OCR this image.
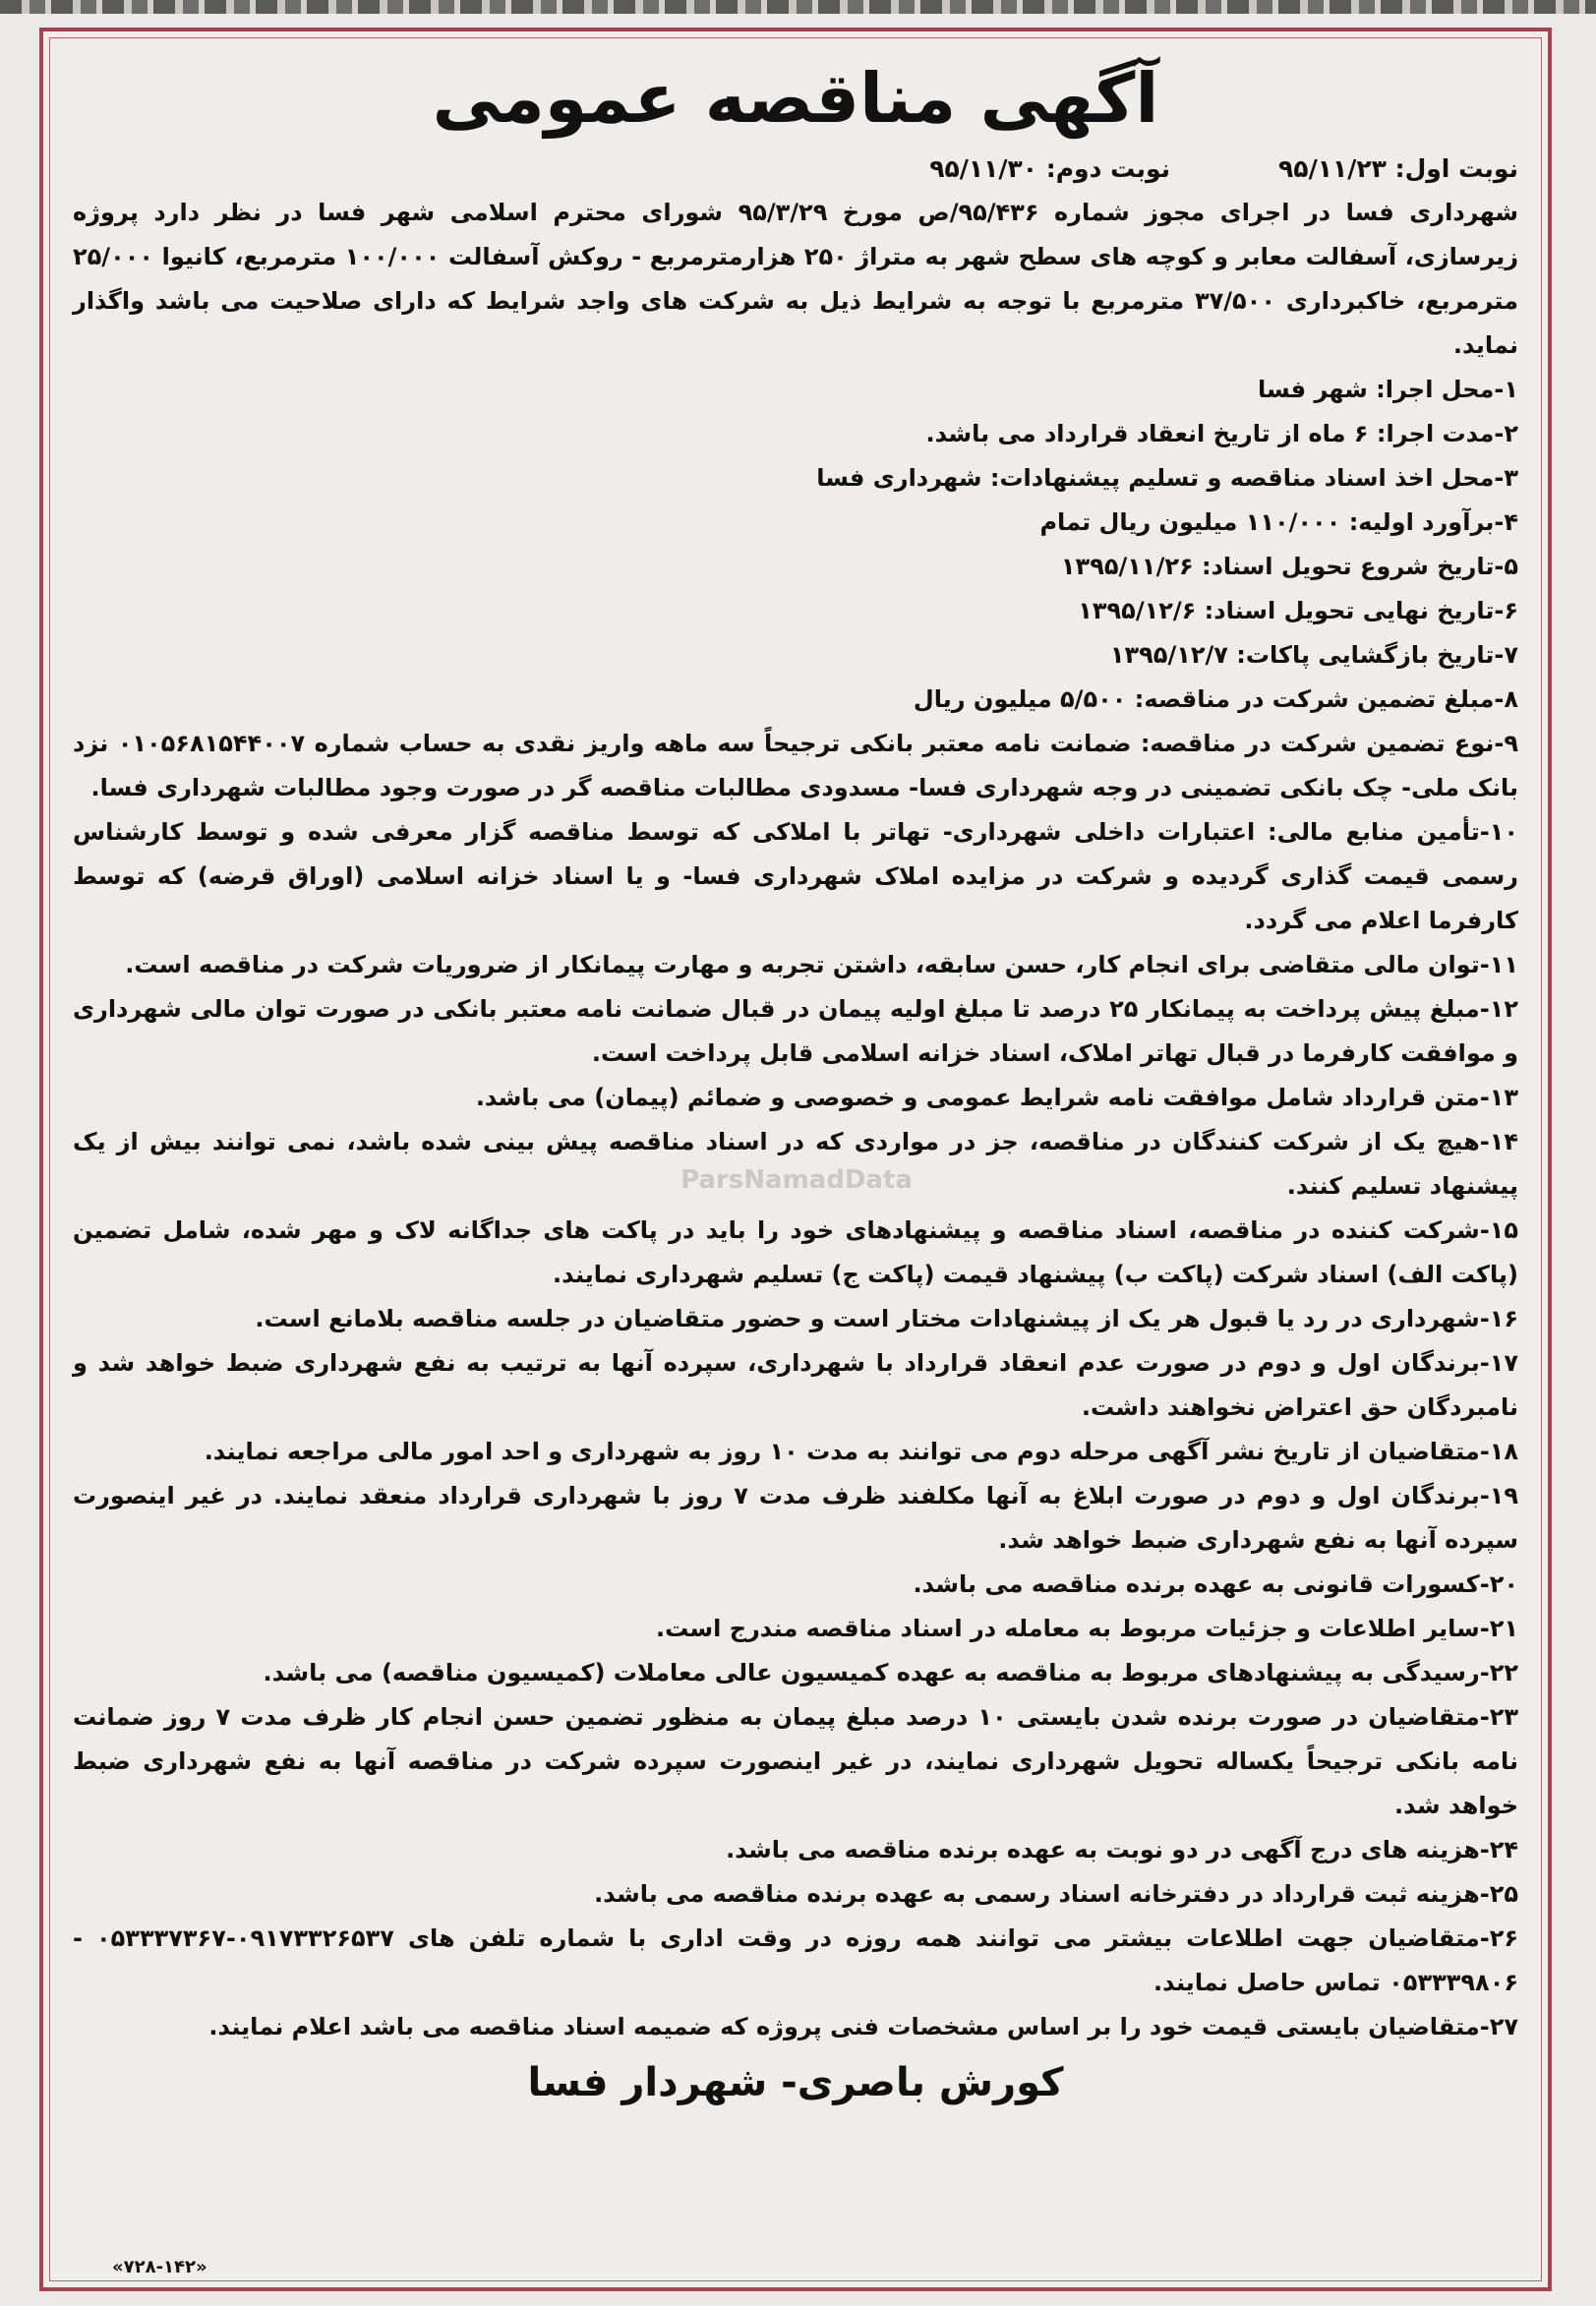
آگهی مناقصه عمومی
نوبت اول: ۹۵/۱۱/۲۳
نوبت دوم: ۹۵/۱۱/۳۰

شهرداری فسا در اجرای مجوز شماره ۹۵/۴۳۶/ص مورخ ۹۵/۳/۲۹ شورای محترم اسلامی شهر فسا در نظر دارد پروژه زیرسازی، آسفالت معابر و کوچه های سطح شهر به متراژ ۲۵۰ هزارمترمربع - روکش آسفالت ۱۰۰/۰۰۰ مترمربع، کانیوا ۲۵/۰۰۰ مترمربع، خاکبرداری ۳۷/۵۰۰ مترمربع با توجه به شرایط ذیل به شرکت های واجد شرایط که دارای صلاحیت می باشد واگذار نماید.

۱-محل اجرا: شهر فسا
۲-مدت اجرا: ۶ ماه از تاریخ انعقاد قرارداد می باشد.
۳-محل اخذ اسناد مناقصه و تسلیم پیشنهادات: شهرداری فسا
۴-برآورد اولیه: ۱۱۰/۰۰۰ میلیون ریال تمام
۵-تاریخ شروع تحویل اسناد: ۱۳۹۵/۱۱/۲۶
۶-تاریخ نهایی تحویل اسناد: ۱۳۹۵/۱۲/۶
۷-تاریخ بازگشایی پاکات: ۱۳۹۵/۱۲/۷
۸-مبلغ تضمین شرکت در مناقصه: ۵/۵۰۰ میلیون ریال
۹-نوع تضمین شرکت در مناقصه: ضمانت نامه معتبر بانکی ترجیحاً سه ماهه واریز نقدی به حساب شماره ۰۱۰۵۶۸۱۵۴۴۰۰۷ نزد بانک ملی- چک بانکی تضمینی در وجه شهرداری فسا- مسدودی مطالبات مناقصه گر در صورت وجود مطالبات شهرداری فسا.
۱۰-تأمین منابع مالی: اعتبارات داخلی شهرداری- تهاتر با املاکی که توسط مناقصه گزار معرفی شده و توسط کارشناس رسمی قیمت گذاری گردیده و شرکت در مزایده املاک شهرداری فسا- و یا اسناد خزانه اسلامی (اوراق قرضه) که توسط کارفرما اعلام می گردد.
۱۱-توان مالی متقاضی برای انجام کار، حسن سابقه، داشتن تجربه و مهارت پیمانکار از ضروریات شرکت در مناقصه است.
۱۲-مبلغ پیش پرداخت به پیمانکار ۲۵ درصد تا مبلغ اولیه پیمان در قبال ضمانت نامه معتبر بانکی در صورت توان مالی شهرداری و موافقت کارفرما در قبال تهاتر املاک، اسناد خزانه اسلامی قابل پرداخت است.
۱۳-متن قرارداد شامل موافقت نامه شرایط عمومی و خصوصی و ضمائم (پیمان) می باشد.
۱۴-هیچ یک از شرکت کنندگان در مناقصه، جز در مواردی که در اسناد مناقصه پیش بینی شده باشد، نمی توانند بیش از یک پیشنهاد تسلیم کنند.
۱۵-شرکت کننده در مناقصه، اسناد مناقصه و پیشنهادهای خود را باید در پاکت های جداگانه لاک و مهر شده، شامل تضمین (پاکت الف) اسناد شرکت (پاکت ب) پیشنهاد قیمت (پاکت ج) تسلیم شهرداری نمایند.
۱۶-شهرداری در رد یا قبول هر یک از پیشنهادات مختار است و حضور متقاضیان در جلسه مناقصه بلامانع است.
۱۷-برندگان اول و دوم در صورت عدم انعقاد قرارداد با شهرداری، سپرده آنها به ترتیب به نفع شهرداری ضبط خواهد شد و نامبردگان حق اعتراض نخواهند داشت.
۱۸-متقاضیان از تاریخ نشر آگهی مرحله دوم می توانند به مدت ۱۰ روز به شهرداری و احد امور مالی مراجعه نمایند.
۱۹-برندگان اول و دوم در صورت ابلاغ به آنها مکلفند ظرف مدت ۷ روز با شهرداری قرارداد منعقد نمایند. در غیر اینصورت سپرده آنها به نفع شهرداری ضبط خواهد شد.
۲۰-کسورات قانونی به عهده برنده مناقصه می باشد.
۲۱-سایر اطلاعات و جزئیات مربوط به معامله در اسناد مناقصه مندرج است.
۲۲-رسیدگی به پیشنهادهای مربوط به مناقصه به عهده کمیسیون عالی معاملات (کمیسیون مناقصه) می باشد.
۲۳-متقاضیان در صورت برنده شدن بایستی ۱۰ درصد مبلغ پیمان به منظور تضمین حسن انجام کار ظرف مدت ۷ روز ضمانت نامه بانکی ترجیحاً یکساله تحویل شهرداری نمایند، در غیر اینصورت سپرده شرکت در مناقصه آنها به نفع شهرداری ضبط خواهد شد.
۲۴-هزینه های درج آگهی در دو نوبت به عهده برنده مناقصه می باشد.
۲۵-هزینه ثبت قرارداد در دفترخانه اسناد رسمی به عهده برنده مناقصه می باشد.
۲۶-متقاضیان جهت اطلاعات بیشتر می توانند همه روزه در وقت اداری با شماره تلفن های ۰۹۱۷۳۳۲۶۵۳۷-۰۵۳۳۳۷۳۶۷ - ۰۵۳۳۳۹۸۰۶ تماس حاصل نمایند.
۲۷-متقاضیان بایستی قیمت خود را بر اساس مشخصات فنی پروژه که ضمیمه اسناد مناقصه می باشد اعلام نمایند.
کورش باصری- شهردار فسا
«۷۲۸-۱۴۲»
ParsNamadData
